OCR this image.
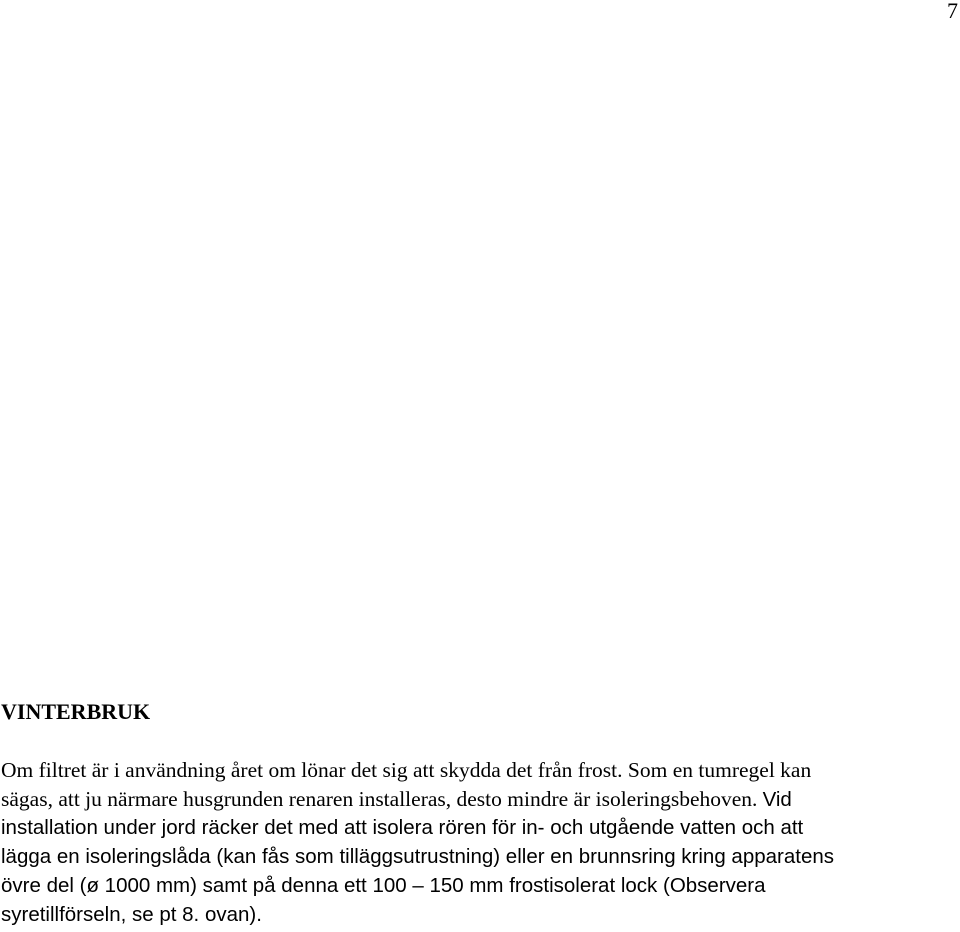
7
VINTERBRUK
Om filtret är i användning året om lönar det sig att skydda det från frost. Som en tumregel kan
sägas, att ju närmare husgrunden renaren installeras, desto mindre är isoleringsbehoven. Vid
installation under jord räcker det med att isolera rören för in- och utgående vatten och att
lägga en isoleringslåda (kan fås som tilläggsutrustning) eller en brunnsring kring apparatens
övre del (ø 1000 mm) samt på denna ett 100 – 150 mm frostisolerat lock (Observera
syretillförseln, se pt 8. ovan).
